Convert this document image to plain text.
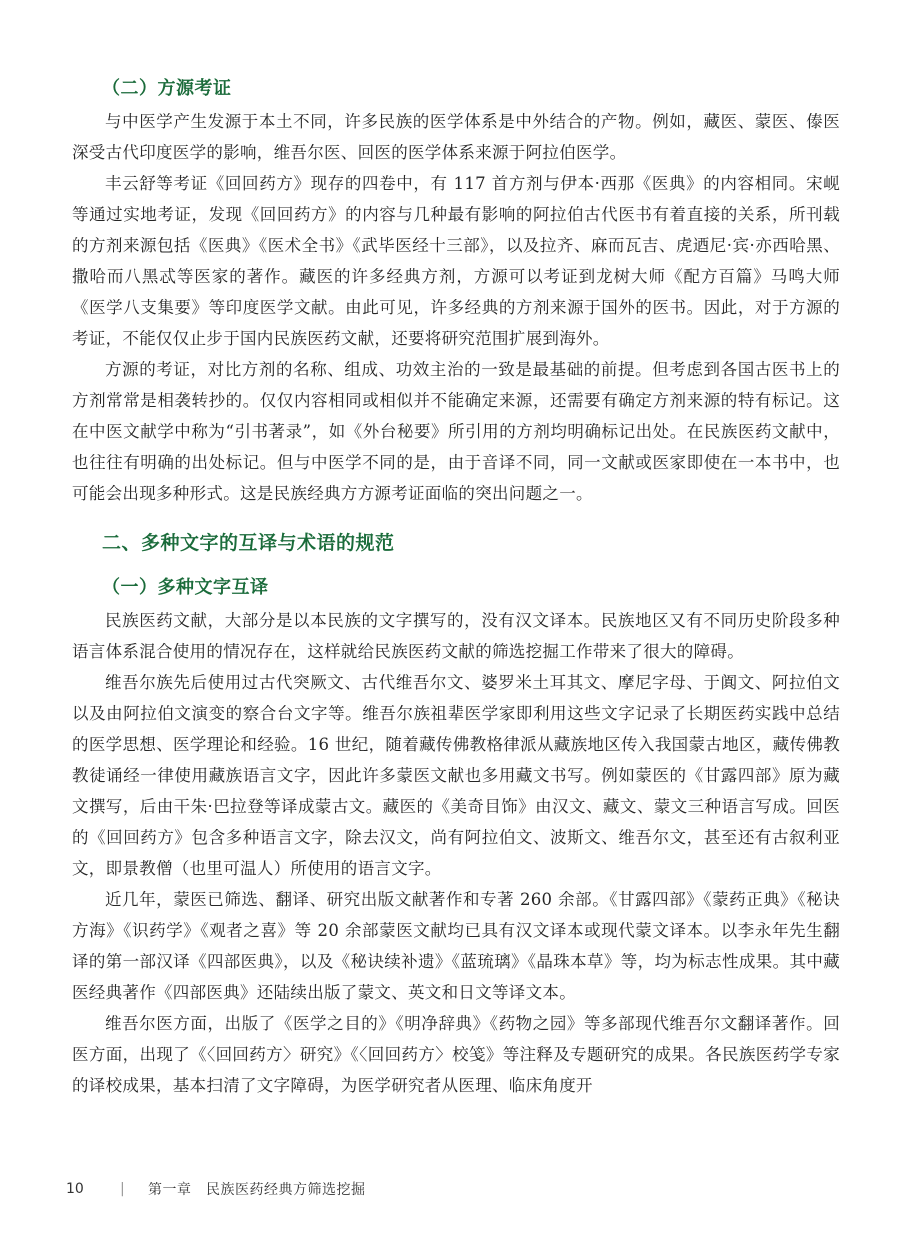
（二）方源考证

与中医学产生发源于本土不同，许多民族的医学体系是中外结合的产物。例如，藏医、蒙医、傣医深受古代印度医学的影响，维吾尔医、回医的医学体系来源于阿拉伯医学。

丰云舒等考证《回回药方》现存的四卷中，有 117 首方剂与伊本·西那《医典》的内容相同。宋岘等通过实地考证，发现《回回药方》的内容与几种最有影响的阿拉伯古代医书有着直接的关系，所刊载的方剂来源包括《医典》《医术全书》《武毕医经十三部》，以及拉齐、麻而瓦吉、虎迺尼·宾·亦西哈黑、撒哈而八黑忒等医家的著作。藏医的许多经典方剂，方源可以考证到龙树大师《配方百篇》马鸣大师《医学八支集要》等印度医学文献。由此可见，许多经典的方剂来源于国外的医书。因此，对于方源的考证，不能仅仅止步于国内民族医药文献，还要将研究范围扩展到海外。

方源的考证，对比方剂的名称、组成、功效主治的一致是最基础的前提。但考虑到各国古医书上的方剂常常是相袭转抄的。仅仅内容相同或相似并不能确定来源，还需要有确定方剂来源的特有标记。这在中医文献学中称为“引书著录”，如《外台秘要》所引用的方剂均明确标记出处。在民族医药文献中，也往往有明确的出处标记。但与中医学不同的是，由于音译不同，同一文献或医家即使在一本书中，也可能会出现多种形式。这是民族经典方方源考证面临的突出问题之一。

二、多种文字的互译与术语的规范
（一）多种文字互译

民族医药文献，大部分是以本民族的文字撰写的，没有汉文译本。民族地区又有不同历史阶段多种语言体系混合使用的情况存在，这样就给民族医药文献的筛选挖掘工作带来了很大的障碍。

维吾尔族先后使用过古代突厥文、古代维吾尔文、婆罗米土耳其文、摩尼字母、于阗文、阿拉伯文以及由阿拉伯文演变的察合台文字等。维吾尔族祖辈医学家即利用这些文字记录了长期医药实践中总结的医学思想、医学理论和经验。16 世纪，随着藏传佛教格律派从藏族地区传入我国蒙古地区，藏传佛教教徒诵经一律使用藏族语言文字，因此许多蒙医文献也多用藏文书写。例如蒙医的《甘露四部》原为藏文撰写，后由干朱·巴拉登等译成蒙古文。藏医的《美奇目饰》由汉文、藏文、蒙文三种语言写成。回医的《回回药方》包含多种语言文字，除去汉文，尚有阿拉伯文、波斯文、维吾尔文，甚至还有古叙利亚文，即景教僧（也里可温人）所使用的语言文字。

近几年，蒙医已筛选、翻译、研究出版文献著作和专著 260 余部。《甘露四部》《蒙药正典》《秘诀方海》《识药学》《观者之喜》等 20 余部蒙医文献均已具有汉文译本或现代蒙文译本。以李永年先生翻译的第一部汉译《四部医典》，以及《秘诀续补遗》《蓝琉璃》《晶珠本草》等，均为标志性成果。其中藏医经典著作《四部医典》还陆续出版了蒙文、英文和日文等译文本。

维吾尔医方面，出版了《医学之目的》《明净辞典》《药物之园》等多部现代维吾尔文翻译著作。回医方面，出现了《〈回回药方〉研究》《〈回回药方〉校笺》等注释及专题研究的成果。各民族医药学专家的译校成果，基本扫清了文字障碍，为医学研究者从医理、临床角度开

10	|	第一章　民族医药经典方筛选挖掘
